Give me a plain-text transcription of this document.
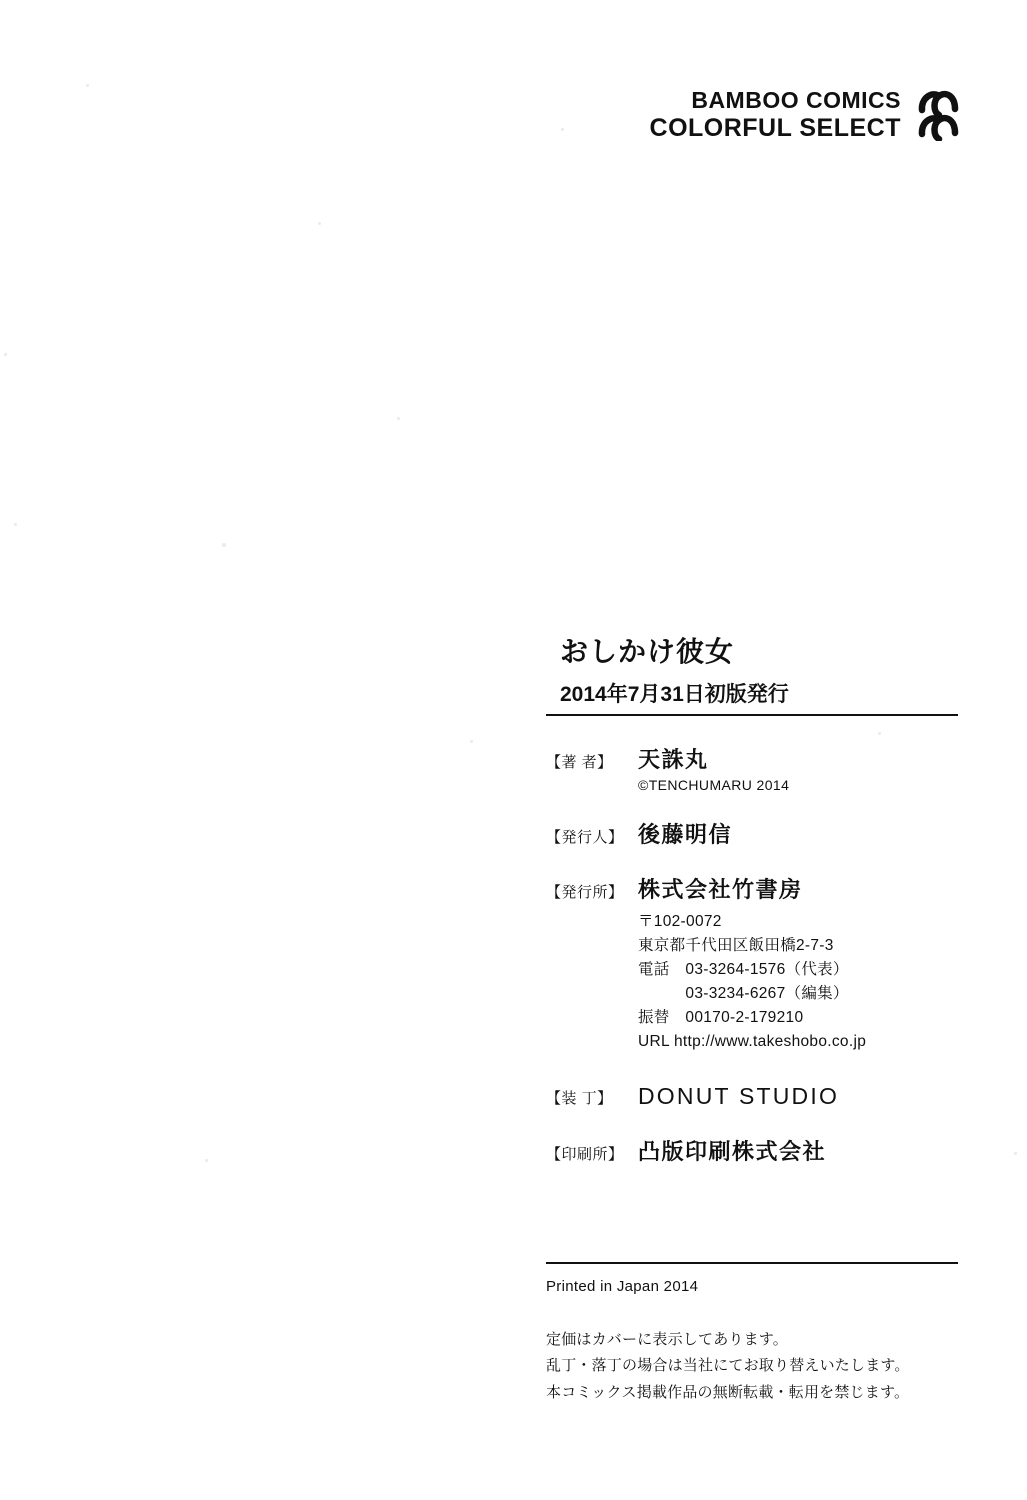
BAMBOO COMICS
COLORFUL SELECT
おしかけ彼女
2014年7月31日初版発行
【著 者】	天誅丸
©TENCHUMARU 2014
【発行人】 後藤明信
【発行所】 株式会社竹書房
〒102-0072
東京都千代田区飯田橋2-7-3
電話　03-3264-1576（代表）
　　　03-3234-6267（編集）
振替　00170-2-179210
URL http://www.takeshobo.co.jp
【装 丁】	DONUT STUDIO
【印刷所】 凸版印刷株式会社
Printed in Japan 2014
定価はカバーに表示してあります。
乱丁・落丁の場合は当社にてお取り替えいたします。
本コミックス掲載作品の無断転載・転用を禁じます。
